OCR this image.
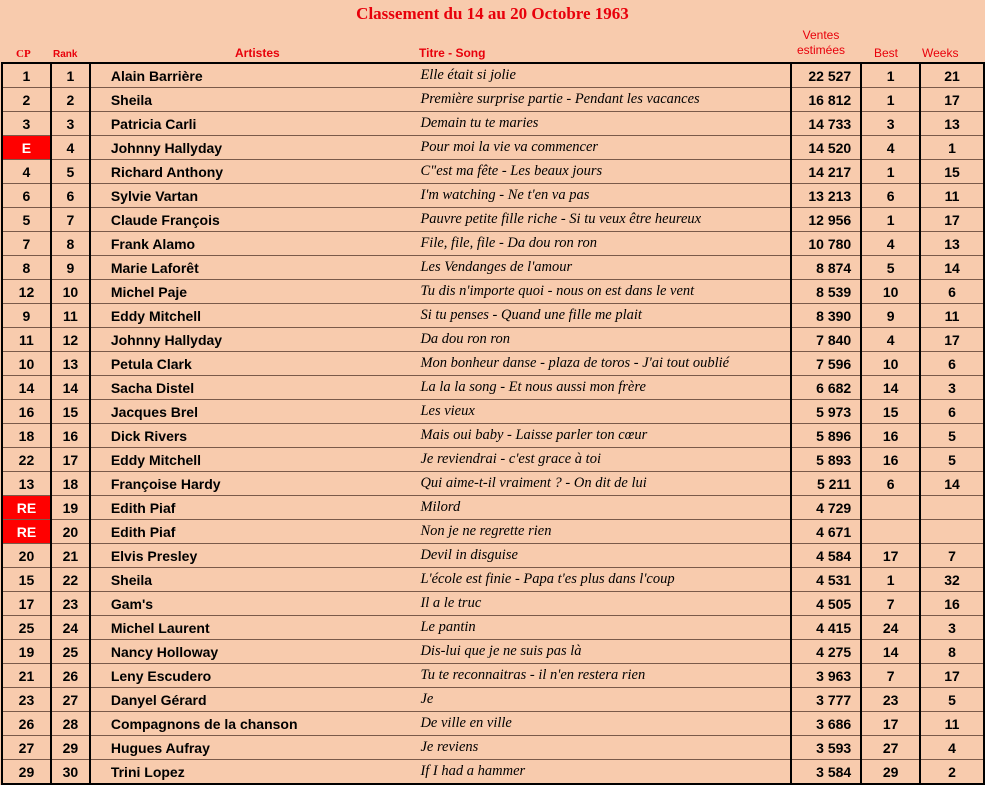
Classement du 14 au 20 Octobre 1963
CP Rank	Artistes	Titre - Song
Ventes
estimées	Best Weeks
1	1	Alain Barrière	Elle était si jolie	22 527	1	21
2	2	Sheila	Première surprise partie - Pendant les vacances	16 812	1	17
3	3	Patricia Carli	Demain tu te maries	14 733	3	13
E	4	Johnny Hallyday	Pour moi la vie va commencer	14 520	4	1
4	5	Richard Anthony	C"est ma fête - Les beaux jours	14 217	1	15
6	6	Sylvie Vartan	I'm watching - Ne t'en va pas	13 213	6	11
5	7	Claude François	Pauvre petite fille riche - Si tu veux être heureux	12 956	1	17
7	8	Frank Alamo	File, file, file - Da dou ron ron	10 780	4	13
8	9	Marie Laforêt	Les Vendanges de l'amour	8 874	5	14
12	10	Michel Paje	Tu dis n'importe quoi - nous on est dans le vent	8 539	10	6
9	11	Eddy Mitchell	Si tu penses - Quand une fille me plait	8 390	9	11
11	12	Johnny Hallyday	Da dou ron ron	7 840	4	17
10	13	Petula Clark	Mon bonheur danse - plaza de toros - J'ai tout oublié	7 596	10	6
14	14	Sacha Distel	La la la song - Et nous aussi mon frère	6 682	14	3
16	15	Jacques Brel	Les vieux	5 973	15	6
18	16	Dick Rivers	Mais oui baby - Laisse parler ton cœur	5 896	16	5
22	17	Eddy Mitchell	Je reviendrai - c'est grace à toi	5 893	16	5
13	18	Françoise Hardy	Qui aime-t-il vraiment ? - On dit de lui	5 211	6	14
RE	19	Edith Piaf	Milord	4 729		
RE	20	Edith Piaf	Non je ne regrette rien	4 671		
20	21	Elvis Presley	Devil in disguise	4 584	17	7
15	22	Sheila	L'école est finie - Papa t'es plus dans l'coup	4 531	1	32
17	23	Gam's	Il a le truc	4 505	7	16
25	24	Michel Laurent	Le pantin	4 415	24	3
19	25	Nancy Holloway	Dis-lui que je ne suis pas là	4 275	14	8
21	26	Leny Escudero	Tu te reconnaitras - il n'en restera rien	3 963	7	17
23	27	Danyel Gérard	Je	3 777	23	5
26	28	Compagnons de la chanson	De ville en ville	3 686	17	11
27	29	Hugues Aufray	Je reviens	3 593	27	4
29	30	Trini Lopez	If I had a hammer	3 584	29	2
